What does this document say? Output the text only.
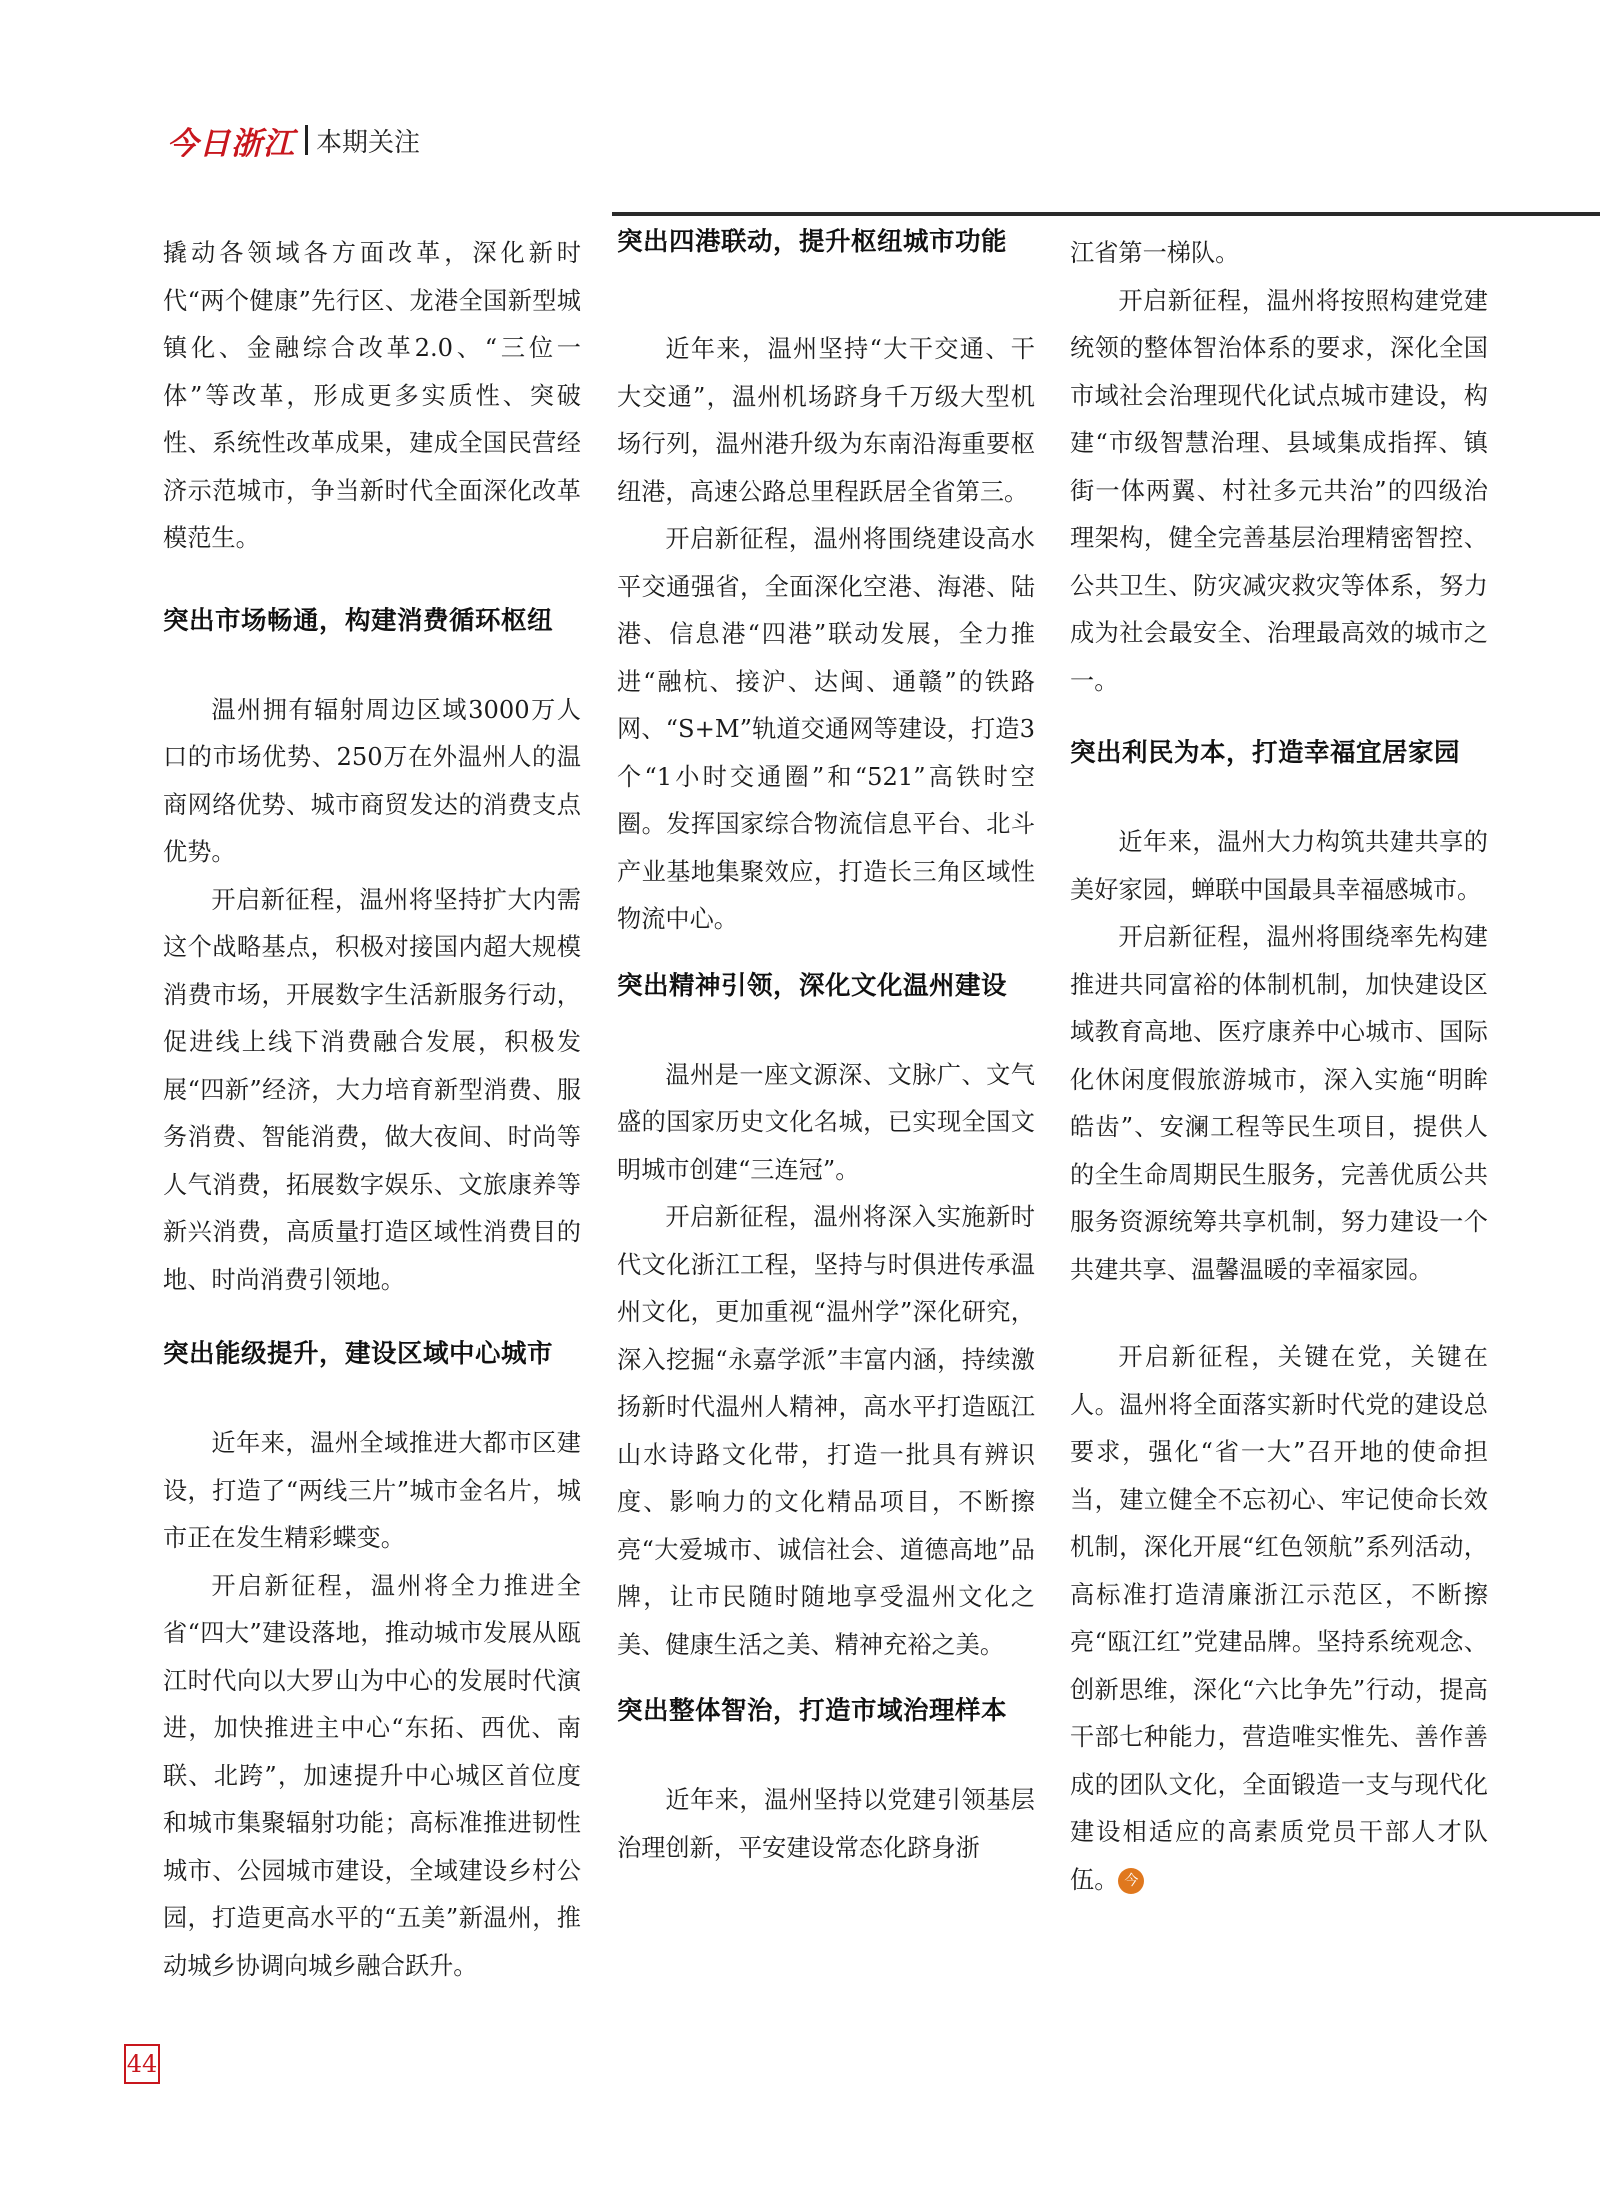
今日浙江 本期关注

撬动各领域各方面改革，深化新时代“两个健康”先行区、龙港全国新型城镇化、金融综合改革2.0、“三位一体”等改革，形成更多实质性、突破性、系统性改革成果，建成全国民营经济示范城市，争当新时代全面深化改革模范生。

突出市场畅通，构建消费循环枢纽

温州拥有辐射周边区域3000万人口的市场优势、250万在外温州人的温商网络优势、城市商贸发达的消费支点优势。

开启新征程，温州将坚持扩大内需这个战略基点，积极对接国内超大规模消费市场，开展数字生活新服务行动，促进线上线下消费融合发展，积极发展“四新”经济，大力培育新型消费、服务消费、智能消费，做大夜间、时尚等人气消费，拓展数字娱乐、文旅康养等新兴消费，高质量打造区域性消费目的地、时尚消费引领地。

突出能级提升，建设区域中心城市

近年来，温州全域推进大都市区建设，打造了“两线三片”城市金名片，城市正在发生精彩蝶变。

开启新征程，温州将全力推进全省“四大”建设落地，推动城市发展从瓯江时代向以大罗山为中心的发展时代演进，加快推进主中心“东拓、西优、南联、北跨”，加速提升中心城区首位度和城市集聚辐射功能；高标准推进韧性城市、公园城市建设，全域建设乡村公园，打造更高水平的“五美”新温州，推动城乡协调向城乡融合跃升。

突出四港联动，提升枢纽城市功能

近年来，温州坚持“大干交通、干大交通”，温州机场跻身千万级大型机场行列，温州港升级为东南沿海重要枢纽港，高速公路总里程跃居全省第三。

开启新征程，温州将围绕建设高水平交通强省，全面深化空港、海港、陆港、信息港“四港”联动发展，全力推进“融杭、接沪、达闽、通赣”的铁路网、“S+M”轨道交通网等建设，打造3个“1小时交通圈”和“521”高铁时空圈。发挥国家综合物流信息平台、北斗产业基地集聚效应，打造长三角区域性物流中心。

突出精神引领，深化文化温州建设

温州是一座文源深、文脉广、文气盛的国家历史文化名城，已实现全国文明城市创建“三连冠”。

开启新征程，温州将深入实施新时代文化浙江工程，坚持与时俱进传承温州文化，更加重视“温州学”深化研究，深入挖掘“永嘉学派”丰富内涵，持续激扬新时代温州人精神，高水平打造瓯江山水诗路文化带，打造一批具有辨识度、影响力的文化精品项目，不断擦亮“大爱城市、诚信社会、道德高地”品牌，让市民随时随地享受温州文化之美、健康生活之美、精神充裕之美。

突出整体智治，打造市域治理样本

近年来，温州坚持以党建引领基层治理创新，平安建设常态化跻身浙

江省第一梯队。

开启新征程，温州将按照构建党建统领的整体智治体系的要求，深化全国市域社会治理现代化试点城市建设，构建“市级智慧治理、县域集成指挥、镇街一体两翼、村社多元共治”的四级治理架构，健全完善基层治理精密智控、公共卫生、防灾减灾救灾等体系，努力成为社会最安全、治理最高效的城市之一。

突出利民为本，打造幸福宜居家园

近年来，温州大力构筑共建共享的美好家园，蝉联中国最具幸福感城市。

开启新征程，温州将围绕率先构建推进共同富裕的体制机制，加快建设区域教育高地、医疗康养中心城市、国际化休闲度假旅游城市，深入实施“明眸皓齿”、安澜工程等民生项目，提供人的全生命周期民生服务，完善优质公共服务资源统筹共享机制，努力建设一个共建共享、温馨温暖的幸福家园。

开启新征程，关键在党，关键在人。温州将全面落实新时代党的建设总要求，强化“省一大”召开地的使命担当，建立健全不忘初心、牢记使命长效机制，深化开展“红色领航”系列活动，高标准打造清廉浙江示范区，不断擦亮“瓯江红”党建品牌。坚持系统观念、创新思维，深化“六比争先”行动，提高干部七种能力，营造唯实惟先、善作善成的团队文化，全面锻造一支与现代化建设相适应的高素质党员干部人才队伍。 今

44
